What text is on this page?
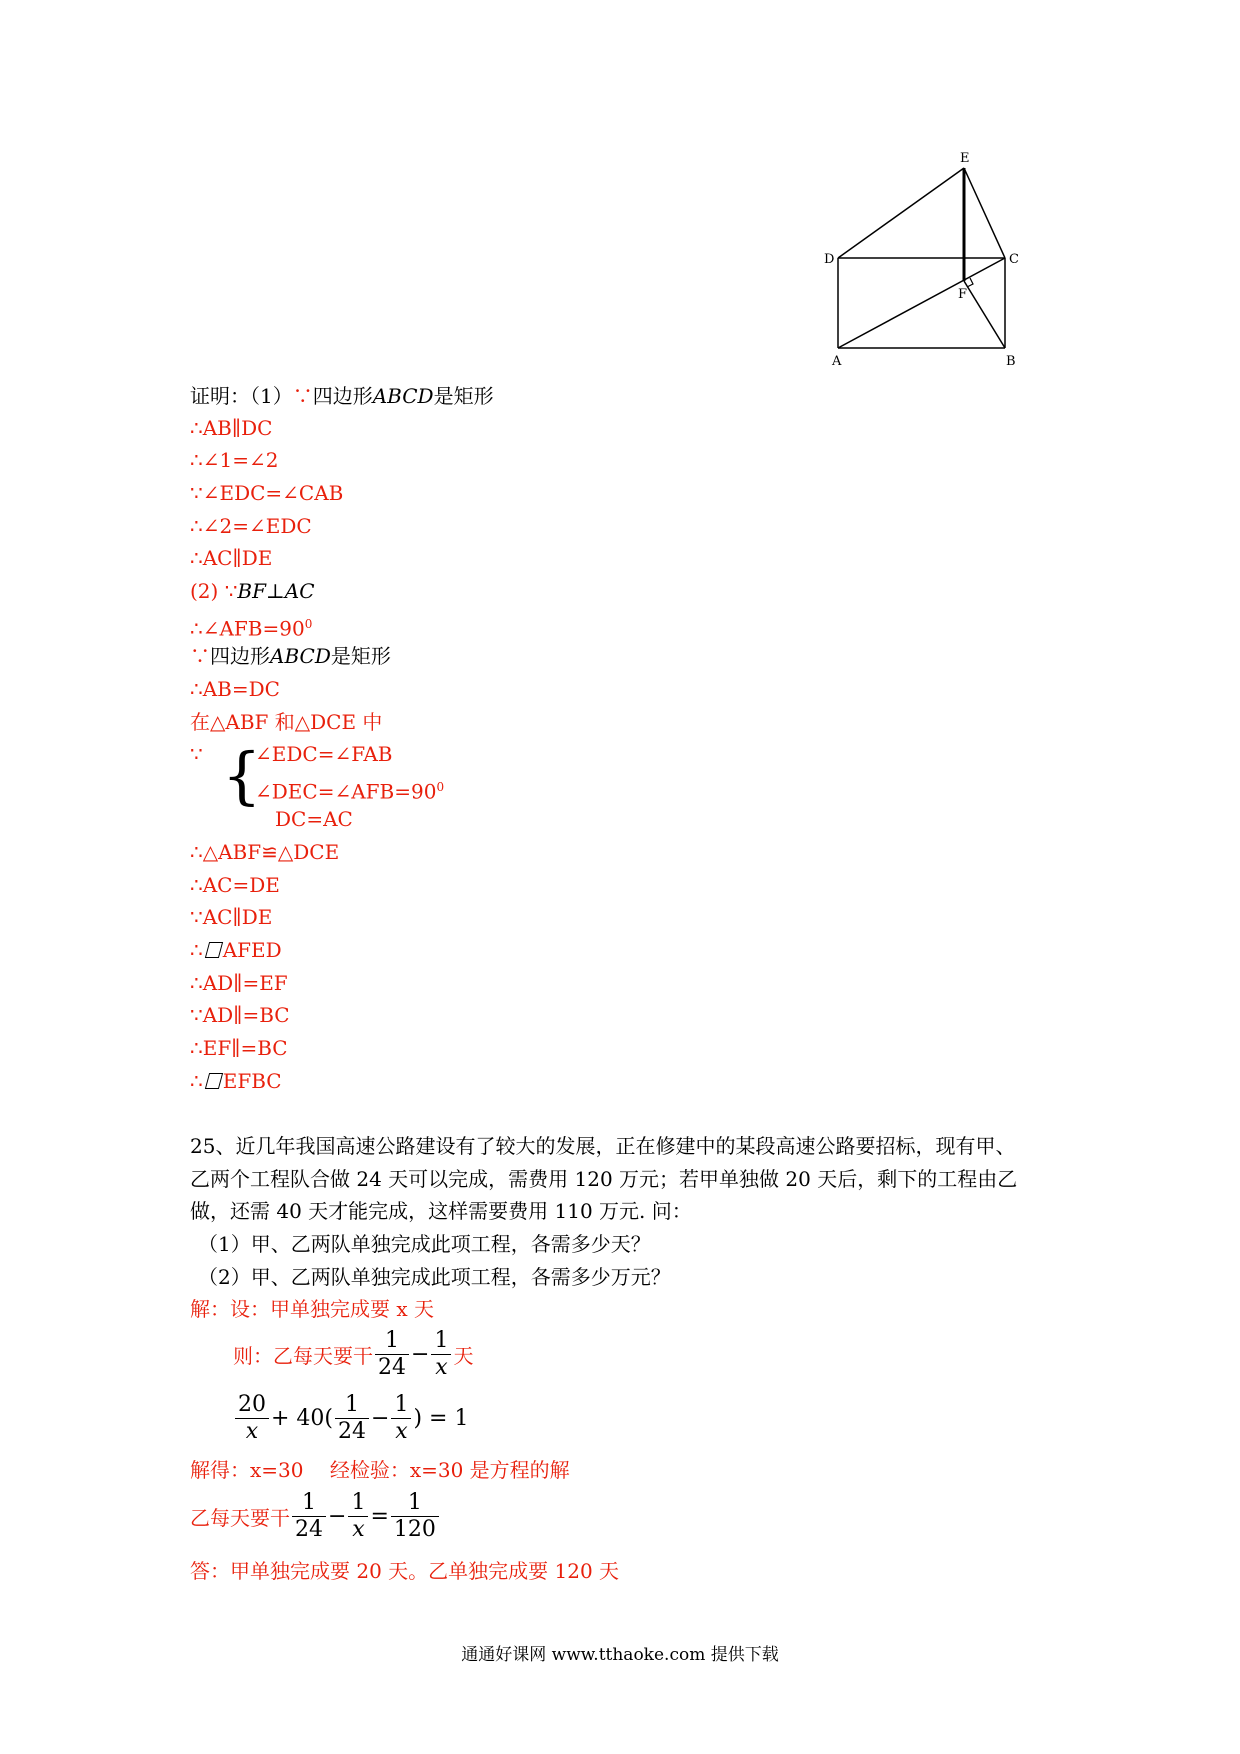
E
D	C
F
A	B
证明：（1）∵四边形ABCD是矩形
∴AB∥DC
∴∠1=∠2
∵∠EDC=∠CAB
∴∠2=∠EDC
∴AC∥DE
(2) ∵BF⊥AC
$\therefore\angle AFB=90^0$
∵四边形ABCD是矩形
∴AB=DC
在△ABF 和△DCE 中
∵ {
∠EDC=∠FAB
$\angle DEC=\angle AFB=90^0$
DC=AC
∴△ABF≌△DCE
∴AC=DE
∵AC∥DE
∴ AFED
∴AD∥=EF
∵AD∥=BC
∴EF∥=BC
∴ EFBC
25、近几年我国高速公路建设有了较大的发展，正在修建中的某段高速公路要招标，现有甲、
乙两个工程队合做 24 天可以完成，需费用 120 万元；若甲单独做 20 天后，剩下的工程由乙
做，还需 40 天才能完成，这样需要费用 110 万元. 问：
（1）甲、乙两队单独完成此项工程，各需多少天？
（2）甲、乙两队单独完成此项工程，各需多少万元？
解：设：甲单独完成要 x 天
则：乙每天要干 $\frac{1}{24} - \frac{1}{x}$ 天
$\frac{20}{x} + 40( \frac{1}{24} - \frac{1}{x}$ ) = 1
解得：x=30　 经检验：x=30 是方程的解
乙每天要干 $\frac{1}{24} - \frac{1}{x} = \frac{1}{120}$
答：甲单独完成要 20 天。乙单独完成要 120 天
通通好课网 www.tthaoke.com 提供下载
